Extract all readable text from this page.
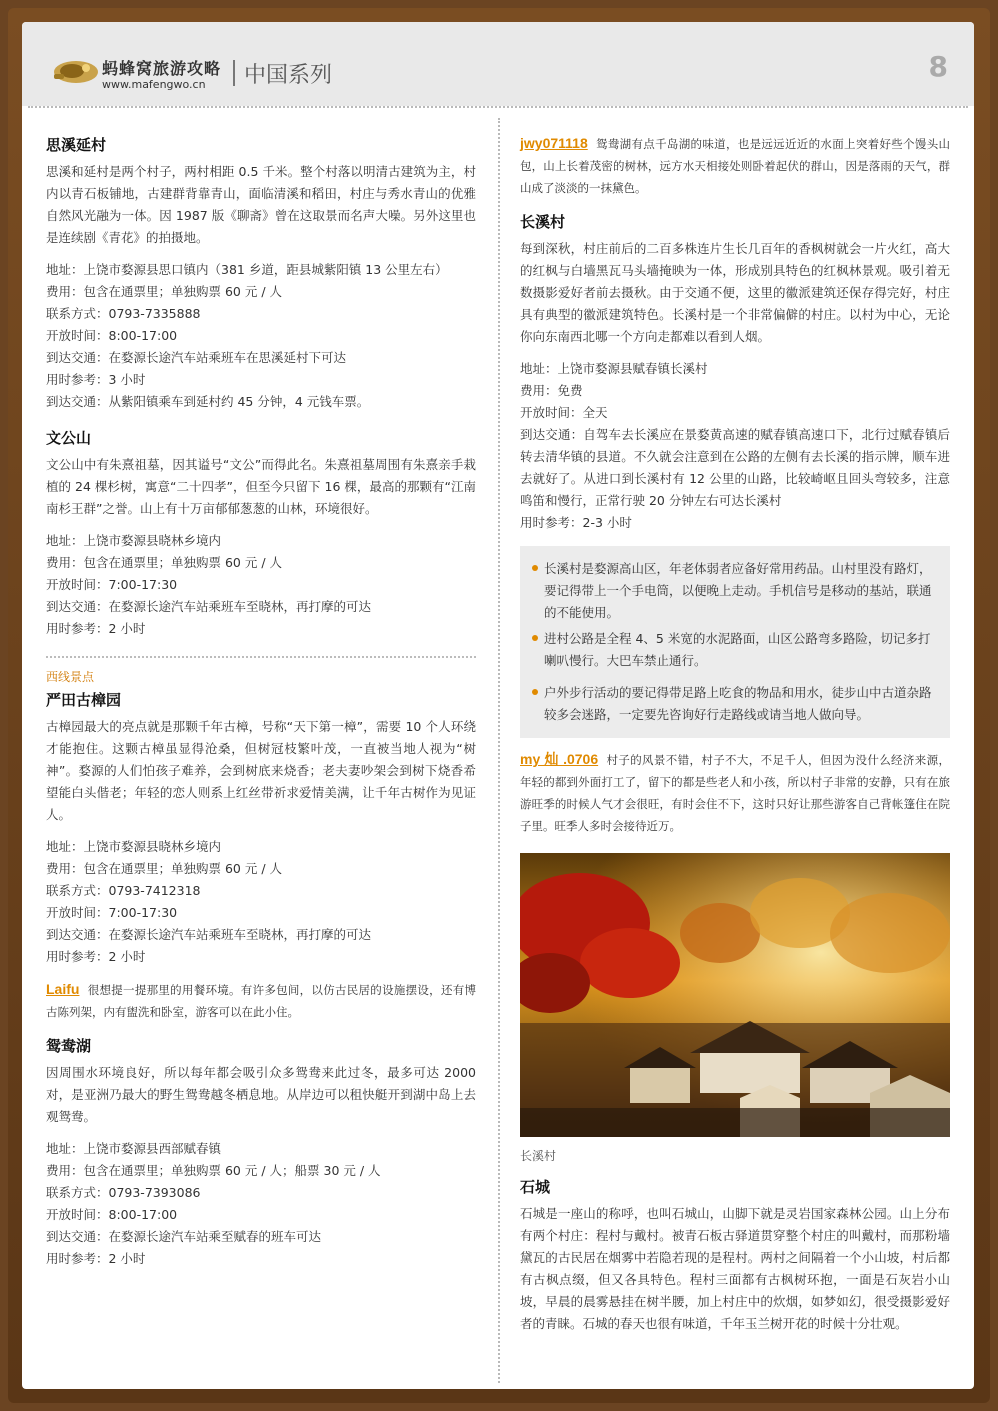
蚂蜂窝旅游攻略
www.mafengwo.cn 中国系列	8
思溪延村

思溪和延村是两个村子，两村相距 0.5 千米。整个村落以明清古建筑为主，村内以青石板铺地，古建群背靠青山，面临清溪和稻田，村庄与秀水青山的优雅自然风光融为一体。因 1987 版《聊斋》曾在这取景而名声大噪。另外这里也是连续剧《青花》的拍摄地。

地址：上饶市婺源县思口镇内（381 乡道，距县城紫阳镇 13 公里左右）
费用：包含在通票里；单独购票 60 元 / 人
联系方式：0793-7335888
开放时间：8:00-17:00
到达交通：在婺源长途汽车站乘班车在思溪延村下可达
用时参考：3 小时
到达交通：从紫阳镇乘车到延村约 45 分钟，4 元钱车票。
文公山

文公山中有朱熹祖墓，因其谥号“文公”而得此名。朱熹祖墓周围有朱熹亲手栽植的 24 棵杉树，寓意“二十四孝”，但至今只留下 16 棵，最高的那颗有“江南南杉王群”之誉。山上有十万亩郁郁葱葱的山林，环境很好。

地址：上饶市婺源县晓林乡境内
费用：包含在通票里；单独购票 60 元 / 人
开放时间：7:00-17:30
到达交通：在婺源长途汽车站乘班车至晓林，再打摩的可达
用时参考：2 小时
西线景点
严田古樟园

古樟园最大的亮点就是那颗千年古樟，号称“天下第一樟”，需要 10 个人环绕才能抱住。这颗古樟虽显得沧桑，但树冠枝繁叶茂，一直被当地人视为“树神”。婺源的人们怕孩子难养，会到树底来烧香；老夫妻吵架会到树下烧香希望能白头偕老；年轻的恋人则系上红丝带祈求爱情美满，让千年古树作为见证人。

地址：上饶市婺源县晓林乡境内
费用：包含在通票里；单独购票 60 元 / 人
联系方式：0793-7412318
开放时间：7:00-17:30
到达交通：在婺源长途汽车站乘班车至晓林，再打摩的可达
用时参考：2 小时
Laifu 很想提一提那里的用餐环境。有许多包间，以仿古民居的设施摆设，还有博古陈列架，内有盥洗和卧室，游客可以在此小住。
鸳鸯湖

因周围水环境良好，所以每年都会吸引众多鸳鸯来此过冬，最多可达 2000 对，是亚洲乃最大的野生鸳鸯越冬栖息地。从岸边可以租快艇开到湖中岛上去观鸳鸯。

地址：上饶市婺源县西部赋春镇
费用：包含在通票里；单独购票 60 元 / 人；船票 30 元 / 人
联系方式：0793-7393086
开放时间：8:00-17:00
到达交通：在婺源长途汽车站乘至赋春的班车可达
用时参考：2 小时
jwy071118 鸳鸯湖有点千岛湖的味道，也是远远近近的水面上突着好些个馒头山包，山上长着茂密的树林，远方水天相接处则卧着起伏的群山，因是落雨的天气，群山成了淡淡的一抹黛色。
长溪村

每到深秋，村庄前后的二百多株连片生长几百年的香枫树就会一片火红，高大的红枫与白墙黑瓦马头墙掩映为一体，形成别具特色的红枫林景观。吸引着无数摄影爱好者前去摄秋。由于交通不便，这里的徽派建筑还保存得完好，村庄具有典型的徽派建筑特色。长溪村是一个非常偏僻的村庄。以村为中心，无论你向东南西北哪一个方向走都难以看到人烟。

地址：上饶市婺源县赋春镇长溪村
费用：免费
开放时间：全天

到达交通：自驾车去长溪应在景婺黄高速的赋春镇高速口下，北行过赋春镇后转去清华镇的县道。不久就会注意到在公路的左侧有去长溪的指示牌，顺车进去就好了。从进口到长溪村有 12 公里的山路，比较崎岖且回头弯较多，注意鸣笛和慢行，正常行驶 20 分钟左右可达长溪村

用时参考：2-3 小时
长溪村是婺源高山区，年老体弱者应备好常用药品。山村里没有路灯，要记得带上一个手电筒，以便晚上走动。手机信号是移动的基站，联通的不能使用。
进村公路是全程 4、5 米宽的水泥路面，山区公路弯多路险，切记多打喇叭慢行。大巴车禁止通行。
户外步行活动的要记得带足路上吃食的物品和用水，徒步山中古道杂路较多会迷路，一定要先咨询好行走路线或请当地人做向导。
my 灿 .0706 村子的风景不错，村子不大，不足千人，但因为没什么经济来源，年轻的都到外面打工了，留下的都是些老人和小孩，所以村子非常的安静，只有在旅游旺季的时候人气才会很旺，有时会住不下，这时只好让那些游客自己背帐篷住在院子里。旺季人多时会接待近万。
长溪村
石城

石城是一座山的称呼，也叫石城山，山脚下就是灵岩国家森林公园。山上分布有两个村庄：程村与戴村。被青石板古驿道贯穿整个村庄的叫戴村，而那粉墙黛瓦的古民居在烟雾中若隐若现的是程村。两村之间隔着一个小山坡，村后都有古枫点缀，但又各具特色。程村三面都有古枫树环抱，一面是石灰岩小山坡，早晨的晨雾悬挂在树半腰，加上村庄中的炊烟，如梦如幻，很受摄影爱好者的青睐。石城的春天也很有味道，千年玉兰树开花的时候十分壮观。
